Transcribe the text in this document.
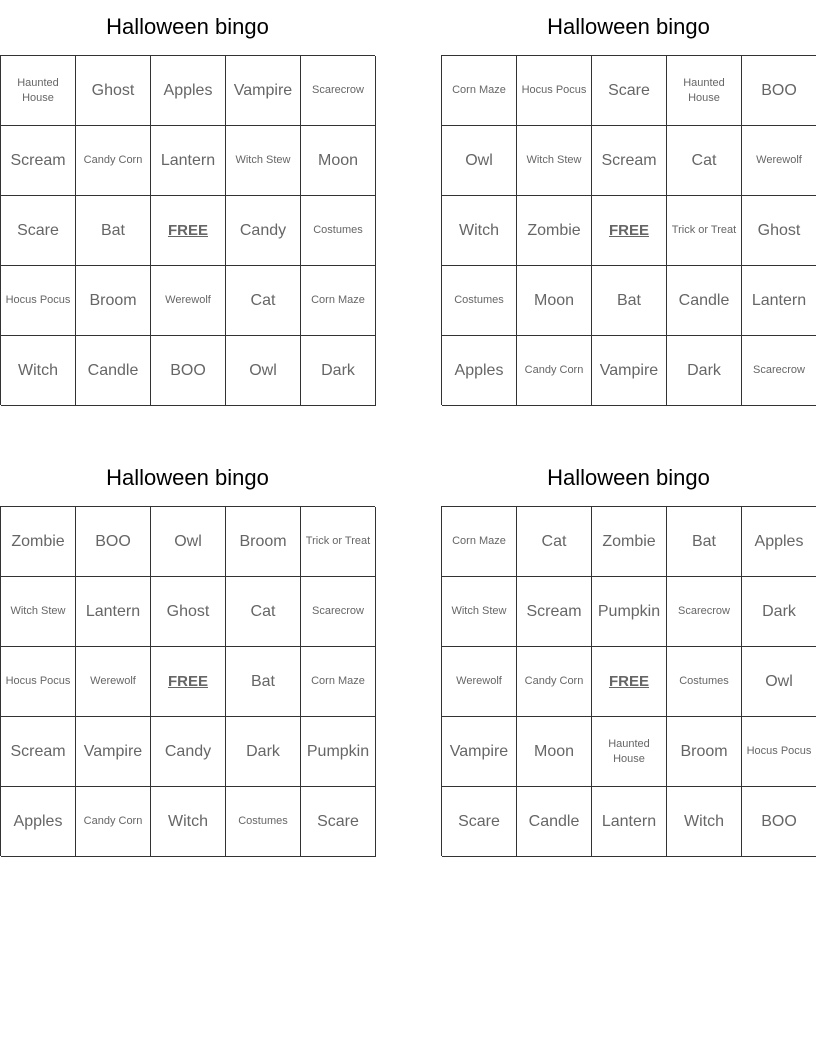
Halloween bingo
Haunted House	Ghost	Apples	Vampire	Scarecrow
Scream	Candy Corn	Lantern	Witch Stew	Moon
Scare	Bat	FREE	Candy	Costumes
Hocus Pocus	Broom	Werewolf	Cat	Corn Maze
Witch	Candle	BOO	Owl	Dark
Halloween bingo
Corn Maze	Hocus Pocus	Scare	Haunted House	BOO
Owl	Witch Stew	Scream	Cat	Werewolf
Witch	Zombie	FREE	Trick or Treat	Ghost
Costumes	Moon	Bat	Candle	Lantern
Apples	Candy Corn	Vampire	Dark	Scarecrow
Halloween bingo
Zombie	BOO	Owl	Broom	Trick or Treat
Witch Stew	Lantern	Ghost	Cat	Scarecrow
Hocus Pocus	Werewolf	FREE	Bat	Corn Maze
Scream	Vampire	Candy	Dark	Pumpkin
Apples	Candy Corn	Witch	Costumes	Scare
Halloween bingo
Corn Maze	Cat	Zombie	Bat	Apples
Witch Stew	Scream	Pumpkin	Scarecrow	Dark
Werewolf	Candy Corn	FREE	Costumes	Owl
Vampire	Moon	Haunted House	Broom	Hocus Pocus
Scare	Candle	Lantern	Witch	BOO
